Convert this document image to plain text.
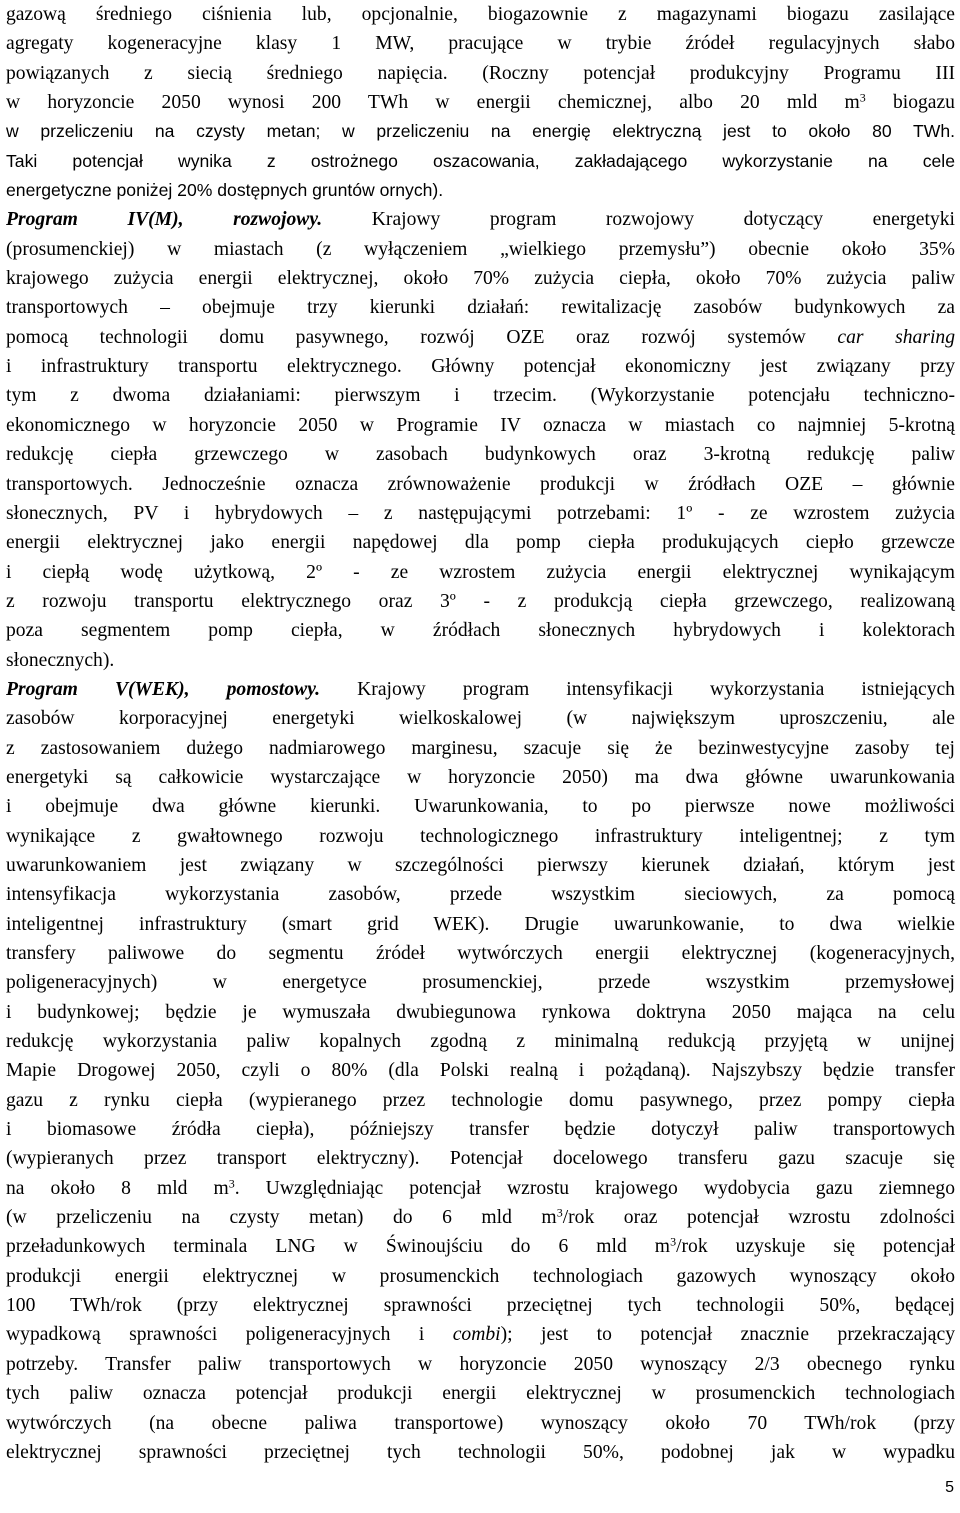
gazową średniego ciśnienia lub, opcjonalnie, biogazownie z magazynami biogazu zasilające
agregaty kogeneracyjne klasy 1 MW, pracujące w trybie źródeł regulacyjnych słabo
powiązanych z siecią średniego napięcia. (Roczny potencjał produkcyjny Programu III
w horyzoncie 2050 wynosi 200 TWh w energii chemicznej, albo 20 mld $m^3$ biogazu
w przeliczeniu na czysty metan; w przeliczeniu na energię elektryczną jest to około 80 TWh.
Taki potencjał wynika z ostrożnego oszacowania, zakładającego wykorzystanie na cele
energetyczne poniżej 20% dostępnych gruntów ornych).
Program IV(M), rozwojowy. Krajowy program rozwojowy dotyczący energetyki
(prosumenckiej) w miastach (z wyłączeniem „wielkiego przemysłu”) obecnie około 35%
krajowego zużycia energii elektrycznej, około 70% zużycia ciepła, około 70% zużycia paliw
transportowych – obejmuje trzy kierunki działań: rewitalizację zasobów budynkowych za
pomocą technologii domu pasywnego, rozwój OZE oraz rozwój systemów car sharing
i infrastruktury transportu elektrycznego. Główny potencjał ekonomiczny jest związany przy
tym z dwoma działaniami: pierwszym i trzecim. (Wykorzystanie potencjału techniczno-
ekonomicznego w horyzoncie 2050 w Programie IV oznacza w miastach co najmniej 5-krotną
redukcję ciepła grzewczego w zasobach budynkowych oraz 3-krotną redukcję paliw
transportowych. Jednocześnie oznacza zrównoważenie produkcji w źródłach OZE – głównie
słonecznych, PV i hybrydowych – z następującymi potrzebami: 1º - ze wzrostem zużycia
energii elektrycznej jako energii napędowej dla pomp ciepła produkujących ciepło grzewcze
i ciepłą wodę użytkową, 2º - ze wzrostem zużycia energii elektrycznej wynikającym
z rozwoju transportu elektrycznego oraz 3º - z produkcją ciepła grzewczego, realizowaną
poza segmentem pomp ciepła, w źródłach słonecznych hybrydowych i kolektorach
słonecznych).
Program V(WEK), pomostowy. Krajowy program intensyfikacji wykorzystania istniejących
zasobów korporacyjnej energetyki wielkoskalowej (w największym uproszczeniu, ale
z zastosowaniem dużego nadmiarowego marginesu, szacuje się że bezinwestycyjne zasoby tej
energetyki są całkowicie wystarczające w horyzoncie 2050) ma dwa główne uwarunkowania
i obejmuje dwa główne kierunki. Uwarunkowania, to po pierwsze nowe możliwości
wynikające z gwałtownego rozwoju technologicznego infrastruktury inteligentnej; z tym
uwarunkowaniem jest związany w szczególności pierwszy kierunek działań, którym jest
intensyfikacja wykorzystania zasobów, przede wszystkim sieciowych, za pomocą
inteligentnej infrastruktury (smart grid WEK). Drugie uwarunkowanie, to dwa wielkie
transfery paliwowe do segmentu źródeł wytwórczych energii elektrycznej (kogeneracyjnych,
poligeneracyjnych) w energetyce prosumenckiej, przede wszystkim przemysłowej
i budynkowej; będzie je wymuszała dwubiegunowa rynkowa doktryna 2050 mająca na celu
redukcję wykorzystania paliw kopalnych zgodną z minimalną redukcją przyjętą w unijnej
Mapie Drogowej 2050, czyli o 80% (dla Polski realną i pożądaną). Najszybszy będzie transfer
gazu z rynku ciepła (wypieranego przez technologie domu pasywnego, przez pompy ciepła
i biomasowe źródła ciepła), późniejszy transfer będzie dotyczył paliw transportowych
(wypieranych przez transport elektryczny). Potencjał docelowego transferu gazu szacuje się
na około 8 mld $m^3$. Uwzględniając potencjał wzrostu krajowego wydobycia gazu ziemnego
(w przeliczeniu na czysty metan) do 6 mld $m^3$/rok oraz potencjał wzrostu zdolności
przeładunkowych terminala LNG w Świnoujściu do 6 mld $m^3$/rok uzyskuje się potencjał
produkcji energii elektrycznej w prosumenckich technologiach gazowych wynoszący około
100 TWh/rok (przy elektrycznej sprawności przeciętnej tych technologii 50%, będącej
wypadkową sprawności poligeneracyjnych i combi); jest to potencjał znacznie przekraczający
potrzeby. Transfer paliw transportowych w horyzoncie 2050 wynoszący 2/3 obecnego rynku
tych paliw oznacza potencjał produkcji energii elektrycznej w prosumenckich technologiach
wytwórczych (na obecne paliwa transportowe) wynoszący około 70 TWh/rok (przy
elektrycznej sprawności przeciętnej tych technologii 50%, podobnej jak w wypadku
5
